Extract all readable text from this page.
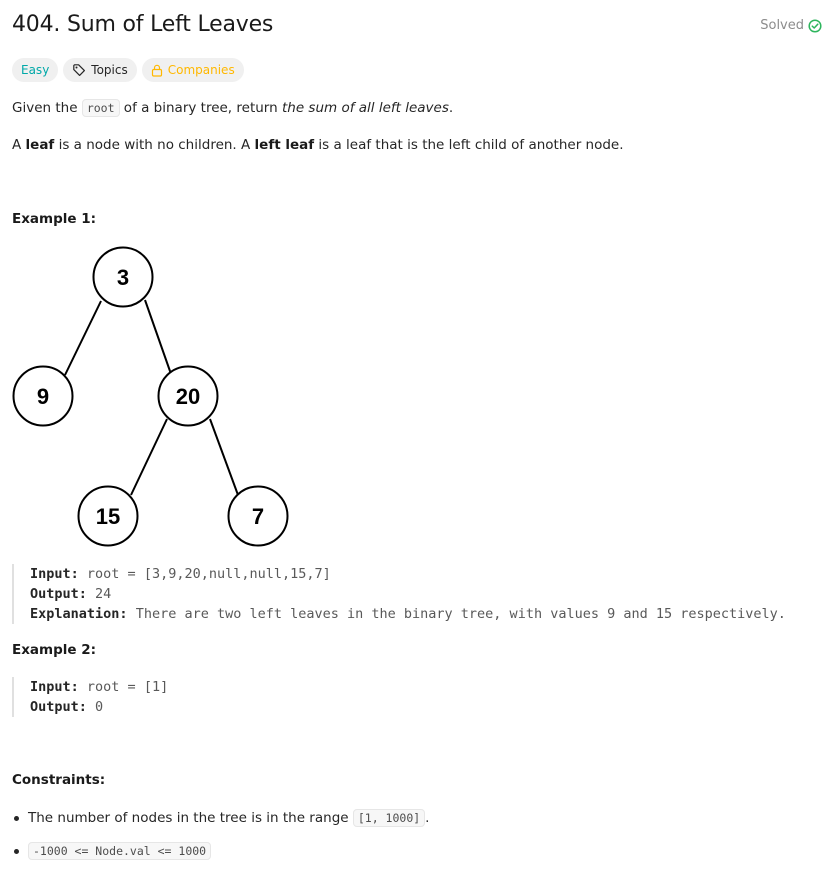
404. Sum of Left Leaves	Solved
Easy	Topics	Companies

Given the root of a binary tree, return the sum of all left leaves.

A leaf is a node with no children. A left leaf is a leaf that is the left child of another node.

Example 1:
3
9	20
15	7
Input: root = [3,9,20,null,null,15,7]
Output: 24
Explanation: There are two left leaves in the binary tree, with values 9 and 15 respectively.
Example 2:
Input: root = [1]
Output: 0
Constraints:
The number of nodes in the tree is in the range [1, 1000] .
-1000 <= Node.val <= 1000
